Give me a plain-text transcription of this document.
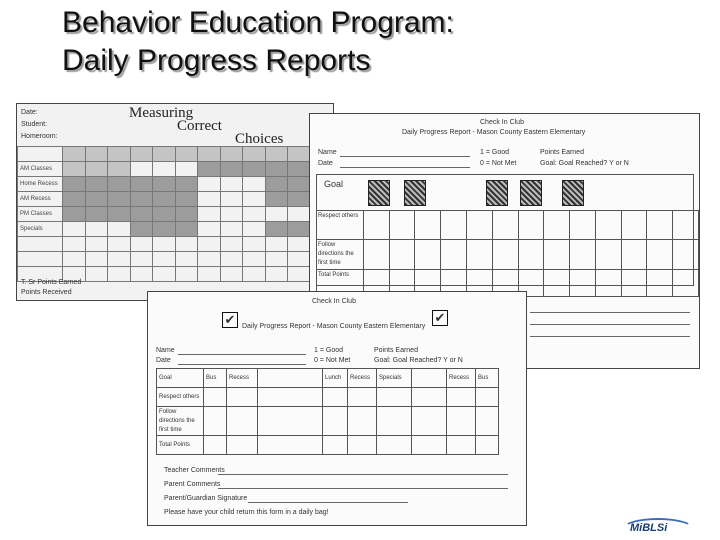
Behavior Education Program:
Daily Progress Reports
Date:
Student:
Homeroom:
Measuring
Correct
Choices

AM Classes												
Home Recess												
AM Recess												
PM Classes												
Specials												

T. Sr Points Earned
Points Received
Check In Club
Daily Progress Report - Mason County Eastern Elementary
Name
Date
1 = Good
0 = Not Met
Points Earned
Goal: Goal Reached? Y or N
Goal
Respect others													
Follow directions the first time													
Total Points													
Check In Club
✔	✔
Daily Progress Report - Mason County Eastern Elementary
Name
Date
1 = Good
0 = Not Met
Points Earned
Goal: Goal Reached? Y or N
Goal	Bus	Recess		Lunch	Recess	Specials		Recess	Bus
Respect others									
Follow directions the first time									
Total Points									
Teacher Comments
Parent Comments
Parent/Guardian Signature
Please have your child return this form in a daily bag!
MiBLSi
